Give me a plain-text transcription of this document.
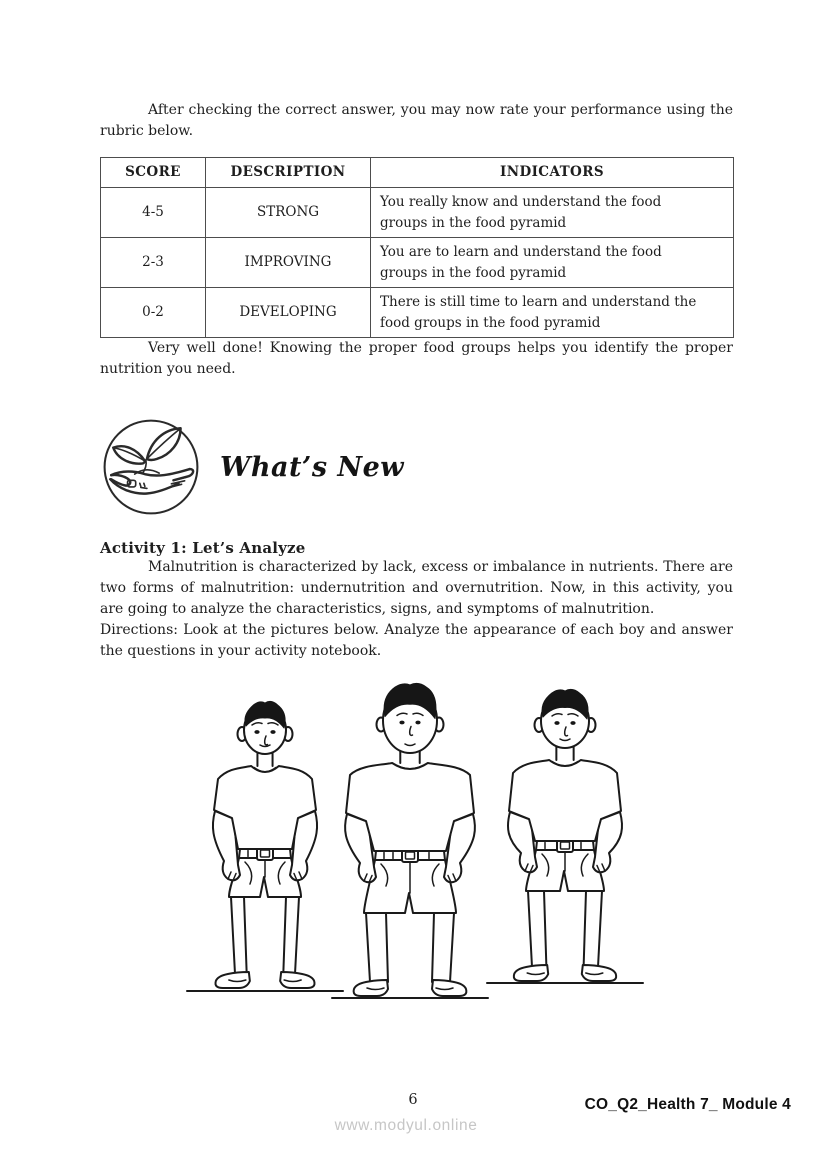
After checking the correct answer, you may now rate your performance using the rubric below.

SCORE	DESCRIPTION	INDICATORS
4-5	STRONG	You really know and understand the food groups in the food pyramid
2-3	IMPROVING	You are to learn and understand the food groups in the food pyramid
0-2	DEVELOPING	There is still time to learn and understand the food groups in the food pyramid

Very well done! Knowing the proper food groups helps you identify the proper nutrition you need.

What’s New
Activity 1: Let’s Analyze

Malnutrition is characterized by lack, excess or imbalance in nutrients. There are two forms of malnutrition: undernutrition and overnutrition. Now, in this activity, you are going to analyze the characteristics, signs, and symptoms of malnutrition.

Directions: Look at the pictures below. Analyze the appearance of each boy and answer the questions in your activity notebook.

6	CO_Q2_Health 7_ Module 4
www.modyul.online
